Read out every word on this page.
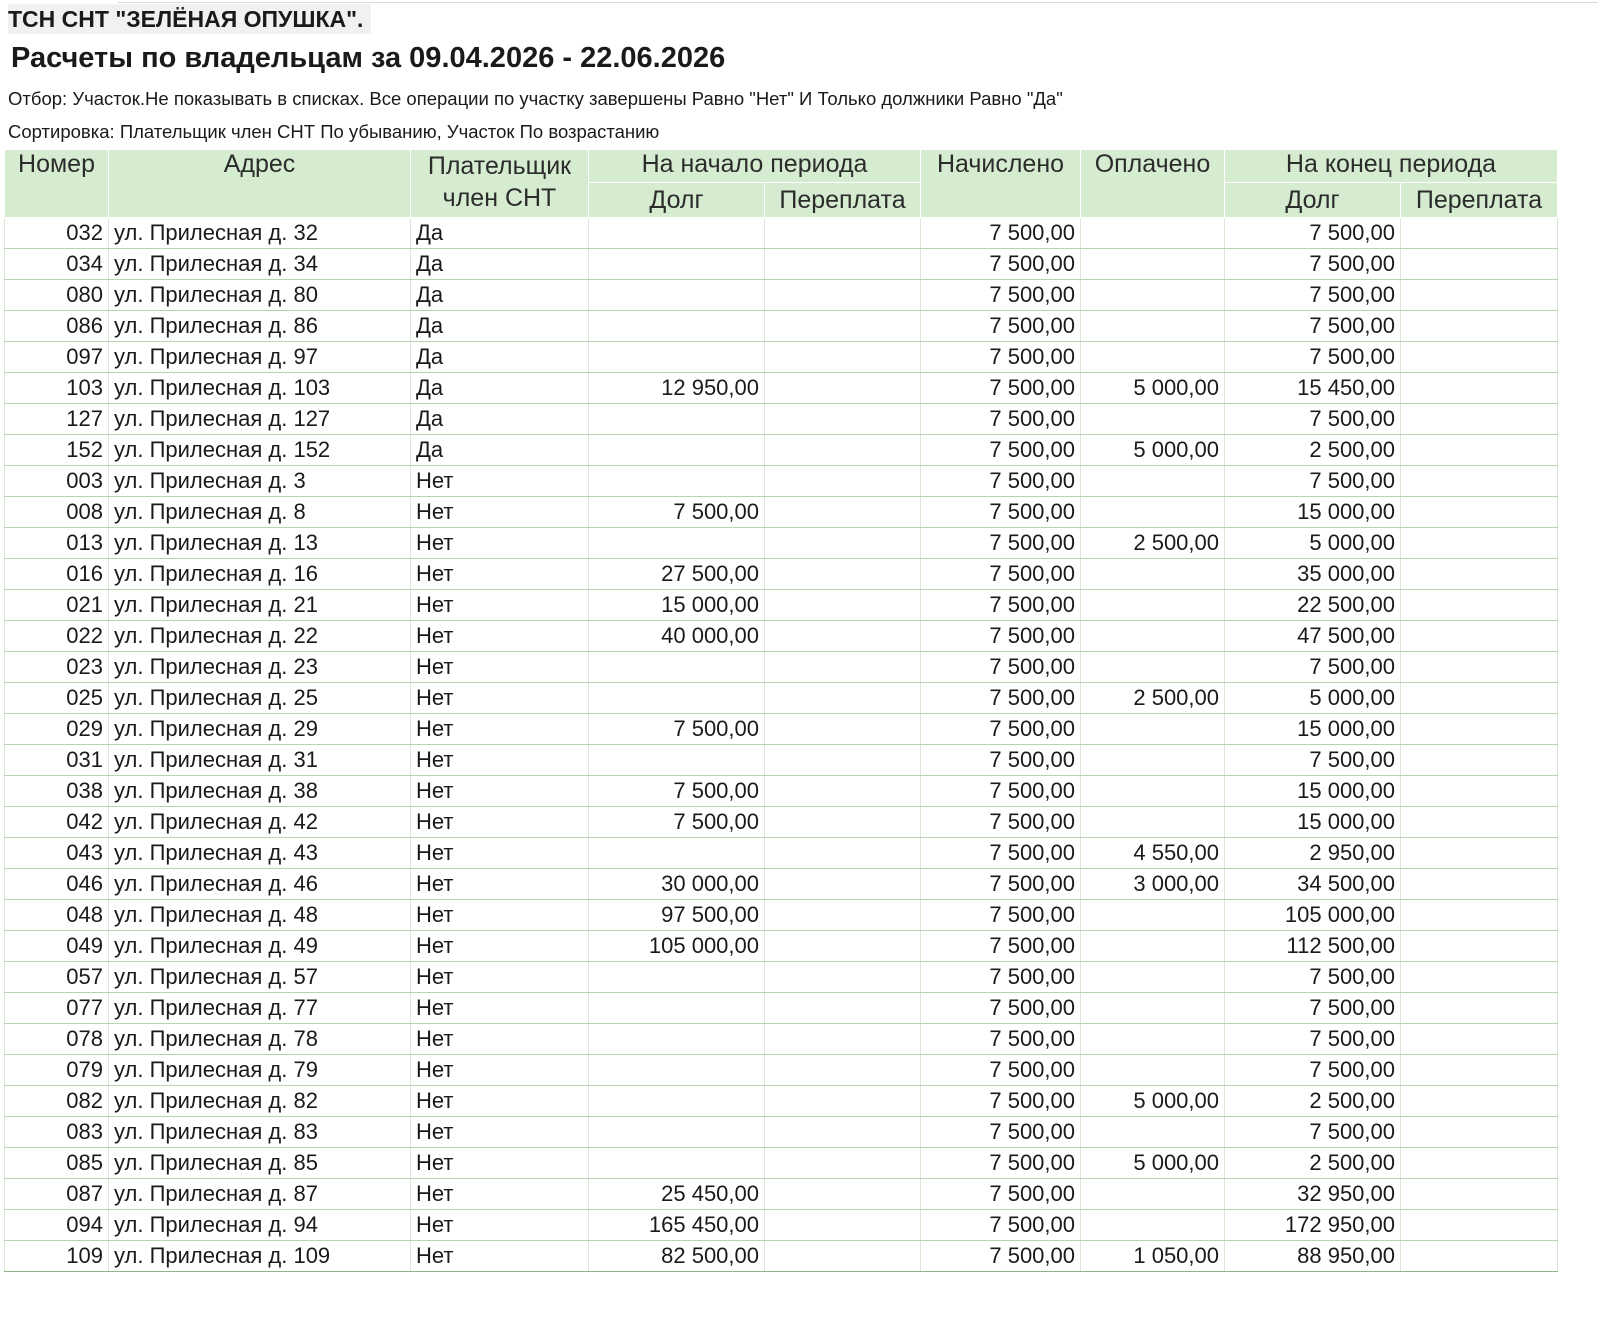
ТСН СНТ "ЗЕЛЁНАЯ ОПУШКА".
Расчеты по владельцам за 09.04.2026 - 22.06.2026
Отбор: Участок.Не показывать в списках. Все операции по участку завершены Равно "Нет" И Только должники Равно "Да"
Сортировка: Плательщик член СНТ По убыванию, Участок По возрастанию
Номер	Адрес	Плательщик
член СНТ	На начало периода		Начислено	Оплачено	На конец периода	
			Долг	Переплата			Долг	Переплата
032	ул. Прилесная д. 32	Да			7 500,00		7 500,00	
034	ул. Прилесная д. 34	Да			7 500,00		7 500,00	
080	ул. Прилесная д. 80	Да			7 500,00		7 500,00	
086	ул. Прилесная д. 86	Да			7 500,00		7 500,00	
097	ул. Прилесная д. 97	Да			7 500,00		7 500,00	
103	ул. Прилесная д. 103	Да	12 950,00		7 500,00	5 000,00	15 450,00	
127	ул. Прилесная д. 127	Да			7 500,00		7 500,00	
152	ул. Прилесная д. 152	Да			7 500,00	5 000,00	2 500,00	
003	ул. Прилесная д. 3	Нет			7 500,00		7 500,00	
008	ул. Прилесная д. 8	Нет	7 500,00		7 500,00		15 000,00	
013	ул. Прилесная д. 13	Нет			7 500,00	2 500,00	5 000,00	
016	ул. Прилесная д. 16	Нет	27 500,00		7 500,00		35 000,00	
021	ул. Прилесная д. 21	Нет	15 000,00		7 500,00		22 500,00	
022	ул. Прилесная д. 22	Нет	40 000,00		7 500,00		47 500,00	
023	ул. Прилесная д. 23	Нет			7 500,00		7 500,00	
025	ул. Прилесная д. 25	Нет			7 500,00	2 500,00	5 000,00	
029	ул. Прилесная д. 29	Нет	7 500,00		7 500,00		15 000,00	
031	ул. Прилесная д. 31	Нет			7 500,00		7 500,00	
038	ул. Прилесная д. 38	Нет	7 500,00		7 500,00		15 000,00	
042	ул. Прилесная д. 42	Нет	7 500,00		7 500,00		15 000,00	
043	ул. Прилесная д. 43	Нет			7 500,00	4 550,00	2 950,00	
046	ул. Прилесная д. 46	Нет	30 000,00		7 500,00	3 000,00	34 500,00	
048	ул. Прилесная д. 48	Нет	97 500,00		7 500,00		105 000,00	
049	ул. Прилесная д. 49	Нет	105 000,00		7 500,00		112 500,00	
057	ул. Прилесная д. 57	Нет			7 500,00		7 500,00	
077	ул. Прилесная д. 77	Нет			7 500,00		7 500,00	
078	ул. Прилесная д. 78	Нет			7 500,00		7 500,00	
079	ул. Прилесная д. 79	Нет			7 500,00		7 500,00	
082	ул. Прилесная д. 82	Нет			7 500,00	5 000,00	2 500,00	
083	ул. Прилесная д. 83	Нет			7 500,00		7 500,00	
085	ул. Прилесная д. 85	Нет			7 500,00	5 000,00	2 500,00	
087	ул. Прилесная д. 87	Нет	25 450,00		7 500,00		32 950,00	
094	ул. Прилесная д. 94	Нет	165 450,00		7 500,00		172 950,00	
109	ул. Прилесная д. 109	Нет	82 500,00		7 500,00	1 050,00	88 950,00	
